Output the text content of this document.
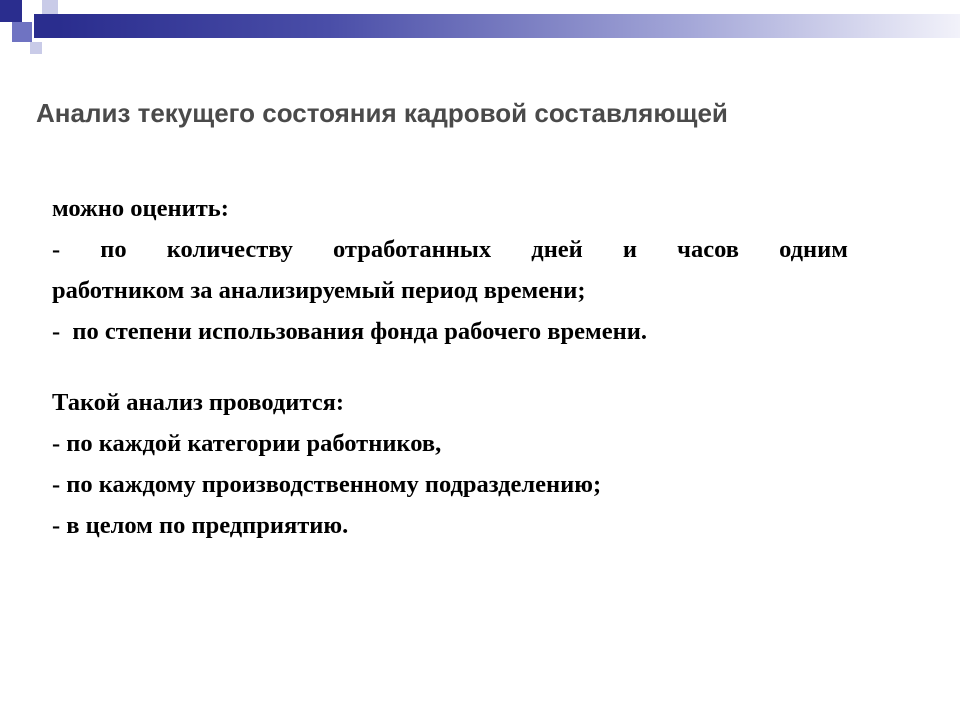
Анализ текущего состояния кадровой составляющей
можно оценить:
- по количеству отработанных дней и часов одним
работником за анализируемый период времени;
-  по степени использования фонда рабочего времени.
Такой анализ проводится:
- по каждой категории работников,
- по каждому производственному подразделению;
- в целом по предприятию.
